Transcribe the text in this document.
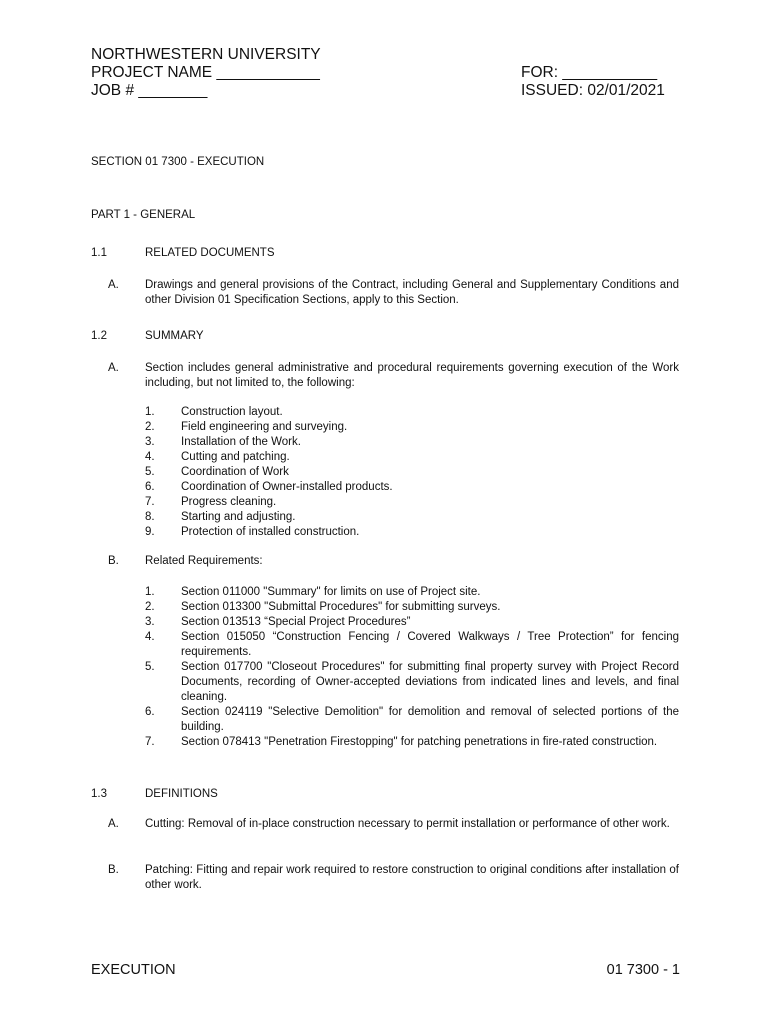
NORTHWESTERN UNIVERSITY
PROJECT NAME ____________
JOB # ________
FOR: ___________
ISSUED: 02/01/2021
SECTION 01 7300 - EXECUTION
PART 1 - GENERAL
1.1	RELATED DOCUMENTS
A. Drawings and general provisions of the Contract, including General and Supplementary Conditions and other Division 01 Specification Sections, apply to this Section.
1.2	SUMMARY
A. Section includes general administrative and procedural requirements governing execution of the Work including, but not limited to, the following:
1. Construction layout.
2. Field engineering and surveying.
3. Installation of the Work.
4. Cutting and patching.
5. Coordination of Work
6. Coordination of Owner-installed products.
7. Progress cleaning.
8. Starting and adjusting.
9. Protection of installed construction.
B. Related Requirements:
1. Section 011000 "Summary" for limits on use of Project site.
2. Section 013300 "Submittal Procedures" for submitting surveys.
3. Section 013513 “Special Project Procedures”
4. Section 015050 “Construction Fencing / Covered Walkways / Tree Protection” for fencing requirements.
5. Section 017700 "Closeout Procedures" for submitting final property survey with Project Record Documents, recording of Owner-accepted deviations from indicated lines and levels, and final cleaning.
6. Section 024119 "Selective Demolition" for demolition and removal of selected portions of the building.
7. Section 078413 "Penetration Firestopping" for patching penetrations in fire-rated construction.
1.3	DEFINITIONS
A. Cutting: Removal of in-place construction necessary to permit installation or performance of other work.
B. Patching: Fitting and repair work required to restore construction to original conditions after installation of other work.
EXECUTION	01 7300 - 1
